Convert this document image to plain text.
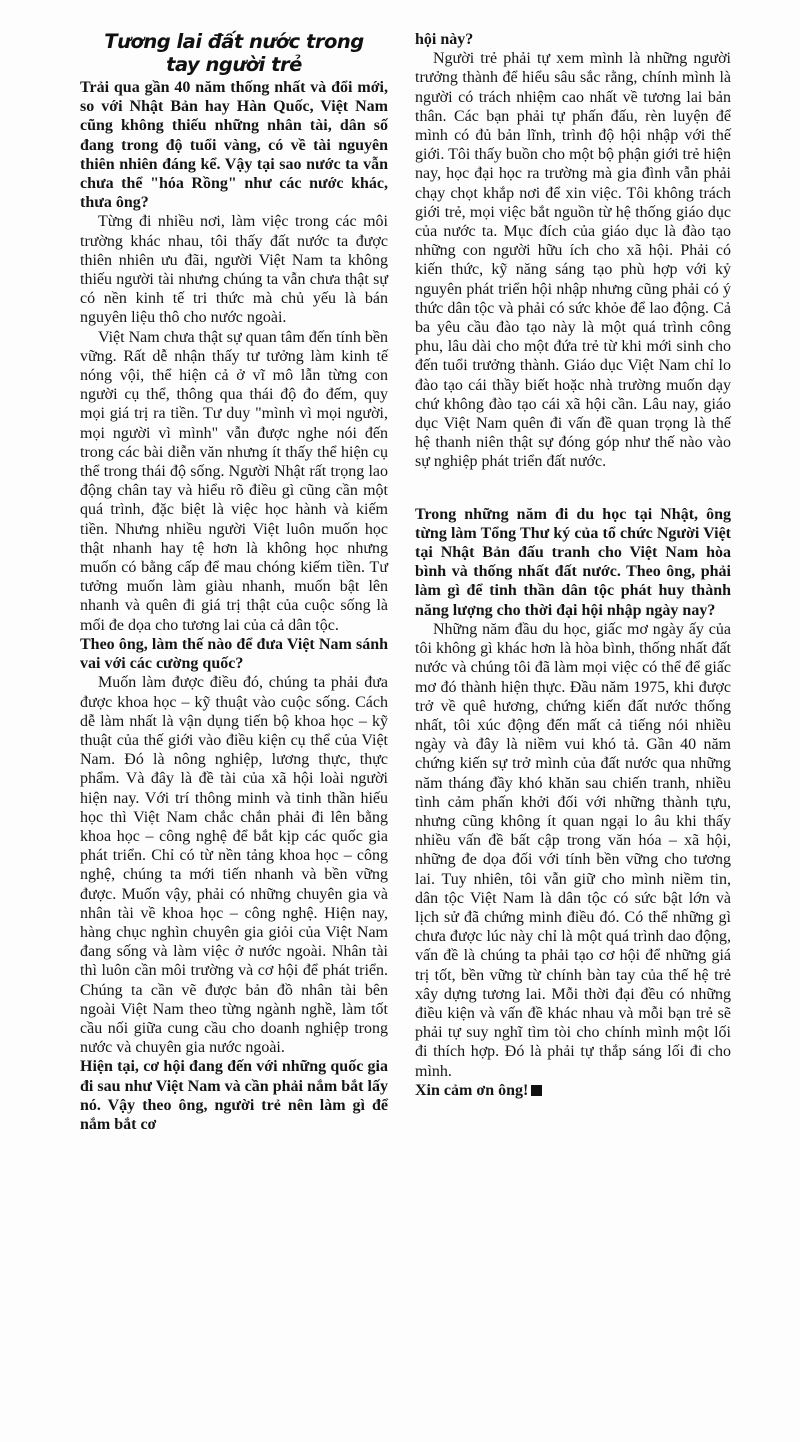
Tương lai đất nước trong
tay người trẻ

Trải qua gần 40 năm thống nhất và đổi mới, so với Nhật Bản hay Hàn Quốc, Việt Nam cũng không thiếu những nhân tài, dân số đang trong độ tuổi vàng, có về tài nguyên thiên nhiên đáng kể. Vậy tại sao nước ta vẫn chưa thể "hóa Rồng" như các nước khác, thưa ông?

Từng đi nhiều nơi, làm việc trong các môi trường khác nhau, tôi thấy đất nước ta được thiên nhiên ưu đãi, người Việt Nam ta không thiếu người tài nhưng chúng ta vẫn chưa thật sự có nền kinh tế tri thức mà chủ yếu là bán nguyên liệu thô cho nước ngoài.

Việt Nam chưa thật sự quan tâm đến tính bền vững. Rất dễ nhận thấy tư tưởng làm kinh tế nóng vội, thể hiện cả ở vĩ mô lẫn từng con người cụ thể, thông qua thái độ đo đếm, quy mọi giá trị ra tiền. Tư duy "mình vì mọi người, mọi người vì mình" vẫn được nghe nói đến trong các bài diễn văn nhưng ít thấy thể hiện cụ thể trong thái độ sống. Người Nhật rất trọng lao động chân tay và hiểu rõ điều gì cũng cần một quá trình, đặc biệt là việc học hành và kiếm tiền. Nhưng nhiều người Việt luôn muốn học thật nhanh hay tệ hơn là không học nhưng muốn có bằng cấp để mau chóng kiếm tiền. Tư tưởng muốn làm giàu nhanh, muốn bật lên nhanh và quên đi giá trị thật của cuộc sống là mối đe dọa cho tương lai của cả dân tộc.

Theo ông, làm thế nào để đưa Việt Nam sánh vai với các cường quốc?

Muốn làm được điều đó, chúng ta phải đưa được khoa học – kỹ thuật vào cuộc sống. Cách dễ làm nhất là vận dụng tiến bộ khoa học – kỹ thuật của thế giới vào điều kiện cụ thể của Việt Nam. Đó là nông nghiệp, lương thực, thực phẩm. Và đây là đề tài của xã hội loài người hiện nay. Với trí thông minh và tinh thần hiếu học thì Việt Nam chắc chắn phải đi lên bằng khoa học – công nghệ để bắt kịp các quốc gia phát triển. Chỉ có từ nền tảng khoa học – công nghệ, chúng ta mới tiến nhanh và bền vững được. Muốn vậy, phải có những chuyên gia và nhân tài về khoa học – công nghệ. Hiện nay, hàng chục nghìn chuyên gia giỏi của Việt Nam đang sống và làm việc ở nước ngoài. Nhân tài thì luôn cần môi trường và cơ hội để phát triển. Chúng ta cần vẽ được bản đồ nhân tài bên ngoài Việt Nam theo từng ngành nghề, làm tốt cầu nối giữa cung cầu cho doanh nghiệp trong nước và chuyên gia nước ngoài.

Hiện tại, cơ hội đang đến với những quốc gia đi sau như Việt Nam và cần phải nắm bắt lấy nó. Vậy theo ông, người trẻ nên làm gì để nắm bắt cơ

hội này?

Người trẻ phải tự xem mình là những người trưởng thành để hiểu sâu sắc rằng, chính mình là người có trách nhiệm cao nhất về tương lai bản thân. Các bạn phải tự phấn đấu, rèn luyện để mình có đủ bản lĩnh, trình độ hội nhập với thế giới. Tôi thấy buồn cho một bộ phận giới trẻ hiện nay, học đại học ra trường mà gia đình vẫn phải chạy chọt khắp nơi để xin việc. Tôi không trách giới trẻ, mọi việc bắt nguồn từ hệ thống giáo dục của nước ta. Mục đích của giáo dục là đào tạo những con người hữu ích cho xã hội. Phải có kiến thức, kỹ năng sáng tạo phù hợp với kỷ nguyên phát triển hội nhập nhưng cũng phải có ý thức dân tộc và phải có sức khỏe để lao động. Cả ba yêu cầu đào tạo này là một quá trình công phu, lâu dài cho một đứa trẻ từ khi mới sinh cho đến tuổi trưởng thành. Giáo dục Việt Nam chỉ lo đào tạo cái thầy biết hoặc nhà trường muốn dạy chứ không đào tạo cái xã hội cần. Lâu nay, giáo dục Việt Nam quên đi vấn đề quan trọng là thế hệ thanh niên thật sự đóng góp như thế nào vào sự nghiệp phát triển đất nước.

Trong những năm đi du học tại Nhật, ông từng làm Tổng Thư ký của tổ chức Người Việt tại Nhật Bản đấu tranh cho Việt Nam hòa bình và thống nhất đất nước. Theo ông, phải làm gì để tinh thần dân tộc phát huy thành năng lượng cho thời đại hội nhập ngày nay?

Những năm đầu du học, giấc mơ ngày ấy của tôi không gì khác hơn là hòa bình, thống nhất đất nước và chúng tôi đã làm mọi việc có thể để giấc mơ đó thành hiện thực. Đầu năm 1975, khi được trở về quê hương, chứng kiến đất nước thống nhất, tôi xúc động đến mất cả tiếng nói nhiều ngày và đây là niềm vui khó tả. Gần 40 năm chứng kiến sự trở mình của đất nước qua những năm tháng đầy khó khăn sau chiến tranh, nhiều tình cảm phấn khởi đối với những thành tựu, nhưng cũng không ít quan ngại lo âu khi thấy nhiều vấn đề bất cập trong văn hóa – xã hội, những đe dọa đối với tính bền vững cho tương lai. Tuy nhiên, tôi vẫn giữ cho mình niềm tin, dân tộc Việt Nam là dân tộc có sức bật lớn và lịch sử đã chứng minh điều đó. Có thể những gì chưa được lúc này chỉ là một quá trình dao động, vấn đề là chúng ta phải tạo cơ hội để những giá trị tốt, bền vững từ chính bàn tay của thế hệ trẻ xây dựng tương lai. Mỗi thời đại đều có những điều kiện và vấn đề khác nhau và mỗi bạn trẻ sẽ phải tự suy nghĩ tìm tòi cho chính mình một lối đi thích hợp. Đó là phải tự thắp sáng lối đi cho mình.

Xin cảm ơn ông!
